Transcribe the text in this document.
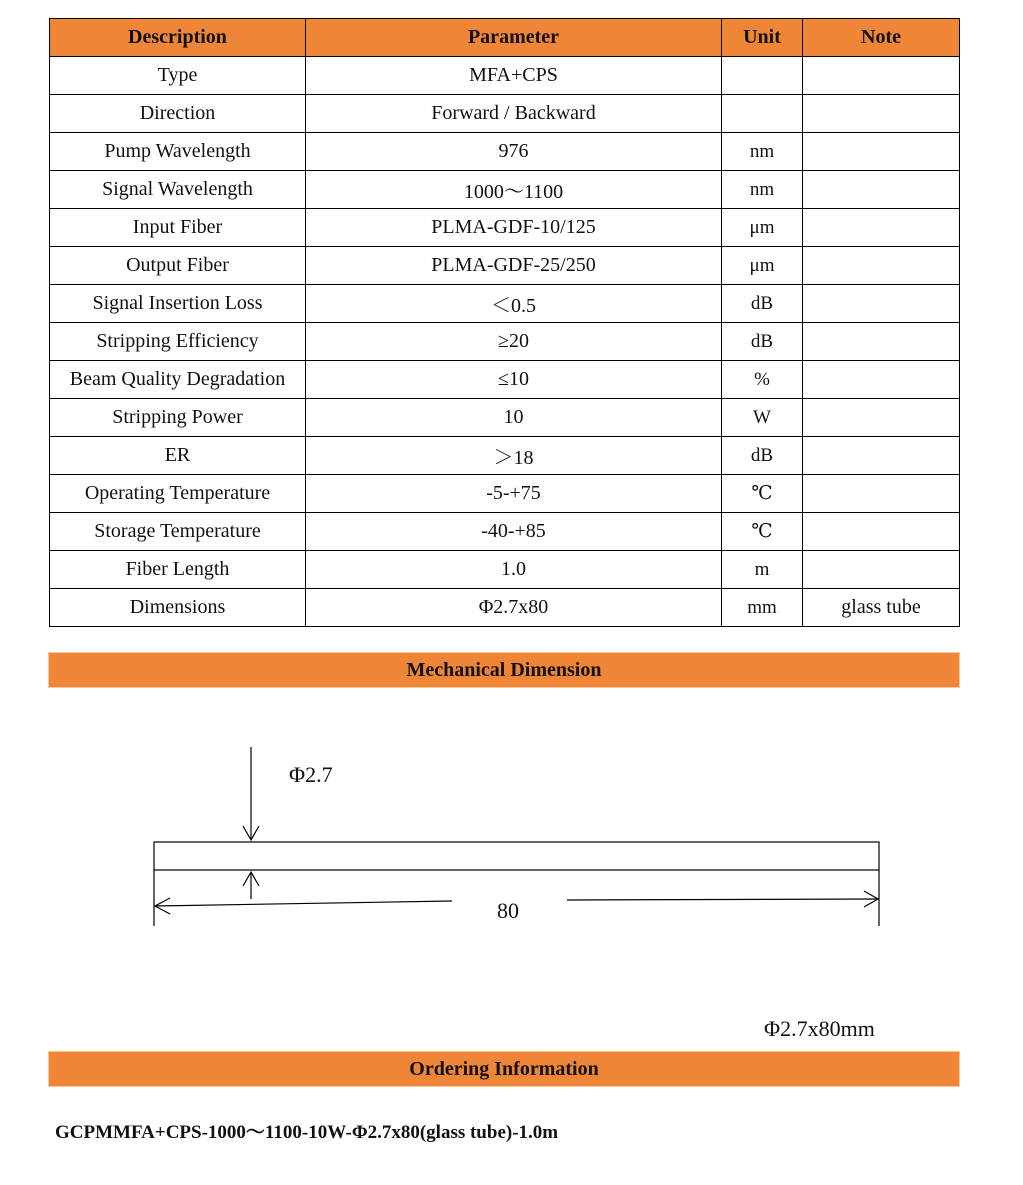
Description	Parameter	Unit	Note
Type	MFA+CPS		
Direction	Forward / Backward		
Pump Wavelength	976	nm	
Signal Wavelength	1000～1100	nm	
Input Fiber	PLMA-GDF-10/125	μm	
Output Fiber	PLMA-GDF-25/250	μm	
Signal Insertion Loss	＜0.5	dB	
Stripping Efficiency	≥20	dB	
Beam Quality Degradation	≤10	%	
Stripping Power	10	W	
ER	＞18	dB	
Operating Temperature	-5-+75	℃	
Storage Temperature	-40-+85	℃	
Fiber Length	1.0	m	
Dimensions	Φ2.7x80	mm	glass tube
Mechanical Dimension
Φ2.7
80
Φ2.7x80mm
Ordering Information
GCPMMFA+CPS-1000～1100-10W-Φ2.7x80(glass tube)-1.0m
